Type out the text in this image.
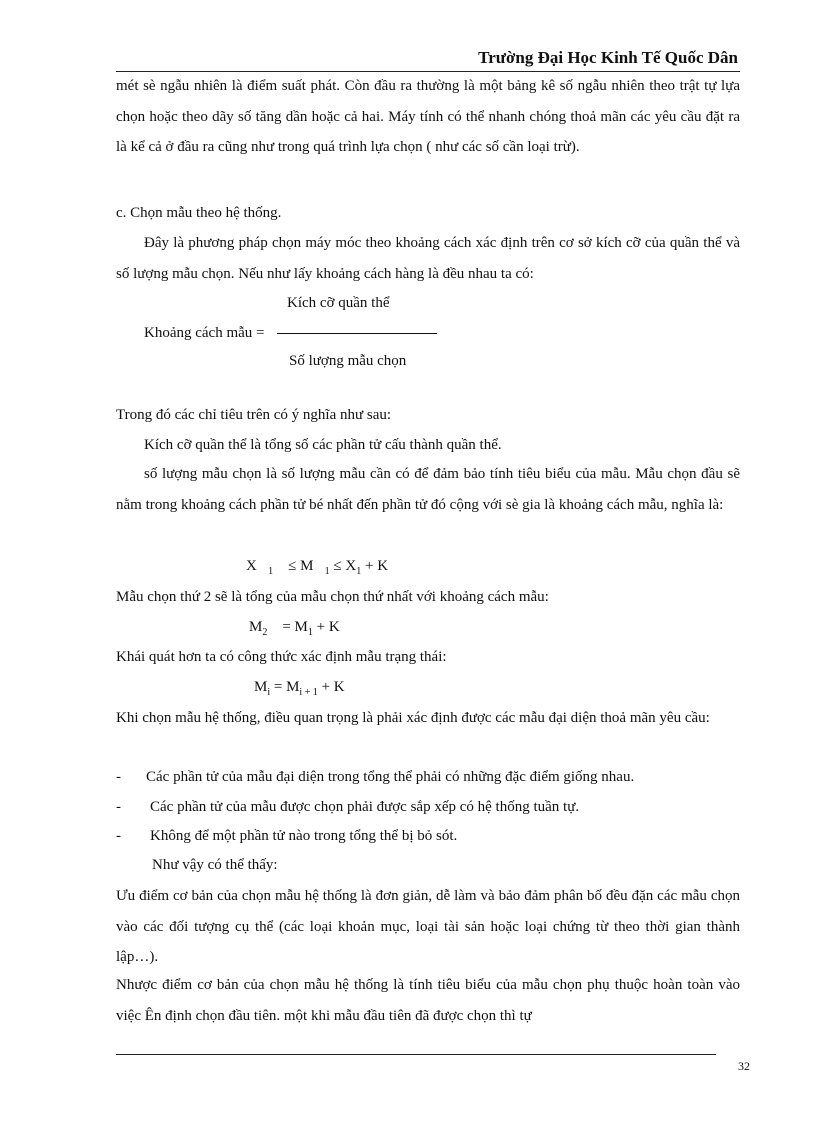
Trường Đại Học Kinh Tế Quốc Dân

mét sè ngẫu nhiên là điểm suất phát. Còn đầu ra thường là một bảng kê số ngẫu nhiên theo trật tự lựa chọn hoặc theo dãy số tăng dần hoặc cả hai. Máy tính có thể nhanh chóng thoả mãn các yêu cầu đặt ra là kể cả ở đầu ra cũng như trong quá trình lựa chọn ( như các số cần loại trừ).

c. Chọn mẫu theo hệ thống.

Đây là phương pháp chọn máy móc theo khoảng cách xác định trên cơ sở kích cỡ của quần thể và số lượng mẫu chọn. Nếu như lấy khoảng cách hàng là đều nhau ta có:

Kích cỡ quần thể
Khoảng cách mẫu =
Số lượng mẫu chọn
Trong đó các chỉ tiêu trên có ý nghĩa như sau:
Kích cỡ quần thể là tổng số các phần tử cấu thành quần thể.

số lượng mẫu chọn là số lượng mẫu cần có để đảm bảo tính tiêu biểu của mẫu. Mẫu chọn đầu sẽ nằm trong khoảng cách phần tử bé nhất đến phần tử đó cộng với sè gia là khoảng cách mẫu, nghĩa là:

X $_1$ ≤ M $_1 \le X_1 + K$
Mẫu chọn thứ 2 sẽ là tổng của mẫu chọn thứ nhất với khoảng cách mẫu:
$M_2 = M_1 + K$
Khái quát hơn ta có công thức xác định mẫu trạng thái:
$M_i = M_{i + 1} + K$

Khi chọn mẫu hệ thống, điều quan trọng là phải xác định được các mẫu đại diện thoả mãn yêu cầu:

- Các phần tử của mẫu đại diện trong tổng thể phải có những đặc điểm giống nhau.
- Các phần tử của mẫu được chọn phải được sắp xếp có hệ thống tuần tự.
- Không để một phần tử nào trong tổng thể bị bỏ sót.
Như vậy có thể thấy:

Ưu điểm cơ bản của chọn mẫu hệ thống là đơn giản, dễ làm và bảo đảm phân bố đều đặn các mẫu chọn vào các đối tượng cụ thể (các loại khoản mục, loại tài sản hoặc loại chứng từ theo thời gian thành lập…).

Nhược điểm cơ bản của chọn mẫu hệ thống là tính tiêu biểu của mẫu chọn phụ thuộc hoàn toàn vào việc Ên định chọn đầu tiên. một khi mẫu đầu tiên đã được chọn thì tự

32
